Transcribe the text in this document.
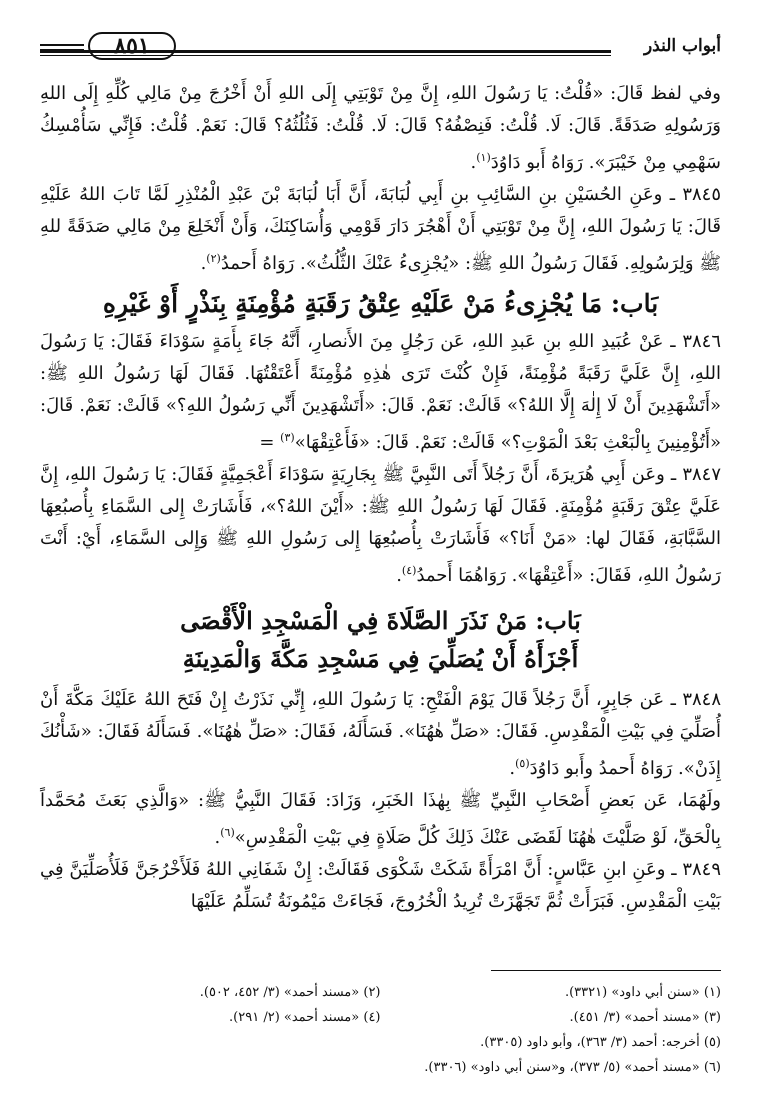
٨٥١	أبواب النذر

وفي لفظ قَالَ: «قُلْتُ: يَا رَسُولَ اللهِ، إِنَّ مِنْ تَوْبَتِي إِلَى اللهِ أَنْ أَخْرُجَ مِنْ مَالِي كُلِّهِ إِلَى اللهِ وَرَسُولِهِ صَدَقَةً. قَالَ: لَا. قُلْتُ: فَنِصْفُهُ؟ قَالَ: لَا. قُلْتُ: فَثُلُثُهُ؟ قَالَ: نَعَمْ. قُلْتُ: فَإِنِّي سَأُمْسِكُ سَهْمِي مِنْ خَيْبَرَ». رَوَاهُ أَبو دَاوُدَ$^{(١)}$.

٣٨٤٥ ـ وعَنِ الحُسَيْنِ بنِ السَّائِبِ بنِ أَبِي لُبَابَةَ، أَنَّ أَبَا لُبَابَةَ بْنَ عَبْدِ الْمُنْذِرِ لَمَّا تَابَ اللهُ عَلَيْهِ قَالَ: يَا رَسُولَ اللهِ، إِنَّ مِنْ تَوْبَتِي أَنْ أَهْجُرَ دَارَ قَوْمِي وَأُسَاكِنَكَ، وَأَنْ أَنْخَلِعَ مِنْ مَالِي صَدَقَةً للهِ ﷺ وَلِرَسُولِهِ. فَقَالَ رَسُولُ اللهِ ﷺ: «يُجْزِىءُ عَنْكَ الثُّلُثُ». رَوَاهُ أَحمدُ$^{(٢)}$.

بَاب: مَا يُجْزِىءُ مَنْ عَلَيْهِ عِتْقُ رَقَبَةٍ مُؤْمِنَةٍ بِنَذْرٍ أَوْ غَيْرِهِ

٣٨٤٦ ـ عَنْ عُبَيدِ اللهِ بنِ عَبدِ اللهِ، عَن رَجُلٍ مِنَ الأَنصارِ، أَنَّهُ جَاءَ بِأَمَةٍ سَوْدَاءَ فَقَالَ: يَا رَسُولَ اللهِ، إِنَّ عَلَيَّ رَقَبَةً مُؤْمِنَةً، فَإِنْ كُنْتَ تَرَى هٰذِهِ مُؤْمِنَةً أَعْتَقْتُهَا. فَقَالَ لَهَا رَسُولُ اللهِ ﷺ: «أَتَشْهَدِينَ أَنْ لَا إِلٰهَ إِلَّا اللهُ؟» قَالَتْ: نَعَمْ. قَالَ: «أَتَشْهَدِينَ أَنِّي رَسُولُ اللهِ؟» قَالَتْ: نَعَمْ. قَالَ: «أَتُؤْمِنِينَ بِالْبَعْثِ بَعْدَ الْمَوْتِ؟» قَالَتْ: نَعَمْ. قَالَ: «فَأَعْتِقْهَا»$^{(٣)}$ =

٣٨٤٧ ـ وعَن أَبِي هُرَيرَةَ، أَنَّ رَجُلاً أَتَى النَّبِيَّ ﷺ بِجَارِيَةٍ سَوْدَاءَ أَعْجَمِيَّةٍ فَقَالَ: يَا رَسُولَ اللهِ، إِنَّ عَلَيَّ عِتْقَ رَقَبَةٍ مُؤْمِنَةٍ. فَقَالَ لَهَا رَسُولُ اللهِ ﷺ: «أَيْنَ اللهُ؟»، فَأَشَارَتْ إِلى السَّمَاءِ بِأُصبُعِهَا السَّبَّابَةِ، فَقَالَ لها: «مَنْ أَنَا؟» فَأَشَارَتْ بِأُصبُعِهَا إِلى رَسُولِ اللهِ ﷺ وَإِلى السَّمَاءِ، أَيْ: أَنْتَ رَسُولُ اللهِ، فَقَالَ: «أَعْتِقْهَا». رَوَاهُمَا أَحمدُ$^{(٤)}$.

بَاب: مَنْ نَذَرَ الصَّلَاةَ فِي الْمَسْجِدِ الْأَقْصَى
أَجْزَأَهُ أَنْ يُصَلِّيَ فِي مَسْجِدِ مَكَّةَ وَالْمَدِينَةِ

٣٨٤٨ ـ عَن جَابِرٍ، أَنَّ رَجُلاً قَالَ يَوْمَ الْفَتْحِ: يَا رَسُولَ اللهِ، إِنِّي نَذَرْتُ إِنْ فَتَحَ اللهُ عَلَيْكَ مَكَّةَ أَنْ أُصَلِّيَ فِي بَيْتِ الْمَقْدِسِ. فَقَالَ: «صَلِّ هٰهُنَا». فَسَأَلَهُ، فَقَالَ: «صَلِّ هٰهُنَا». فَسَأَلَهُ فَقَالَ: «شَأْنُكَ إِذَنْ». رَوَاهُ أَحمدُ وأَبو دَاوُدَ$^{(٥)}$.

ولَهُمَا، عَن بَعضِ أَصْحَابِ النَّبِيِّ ﷺ بِهٰذَا الخَبَرِ، وَزَادَ: فَقَالَ النَّبِيُّ ﷺ: «وَالَّذِي بَعَثَ مُحَمَّداً بِالْحَقِّ، لَوْ صَلَّيْتَ هٰهُنَا لَقَضَى عَنْكَ ذَلِكَ كُلَّ صَلَاةٍ فِي بَيْتِ الْمَقْدِسِ»$^{(٦)}$.

٣٨٤٩ ـ وعَنِ ابنِ عَبَّاسٍ: أَنَّ امْرَأَةً شَكَتْ شَكْوَى فَقَالَتْ: إِنْ شَفَانِي اللهُ فَلَأَخْرُجَنَّ فَلَأُصَلِّيَنَّ فِي بَيْتِ الْمَقْدِسِ. فَبَرَأَتْ ثُمَّ تَجَهَّزَتْ تُرِيدُ الْخُرُوجَ، فَجَاءَتْ مَيْمُونَةُ تُسَلِّمُ عَلَيْهَا

(١) «سنن أبي داود» (٣٣٢١).
(٢) «مسند أحمد» (٣/ ٤٥٢، ٥٠٢).
(٣) «مسند أحمد» (٣/ ٤٥١).
(٤) «مسند أحمد» (٢/ ٢٩١).
(٥) أخرجه: أحمد (٣/ ٣٦٣)، وأبو داود (٣٣٠٥).
(٦) «مسند أحمد» (٥/ ٣٧٣)، و«سنن أبي داود» (٣٣٠٦).
